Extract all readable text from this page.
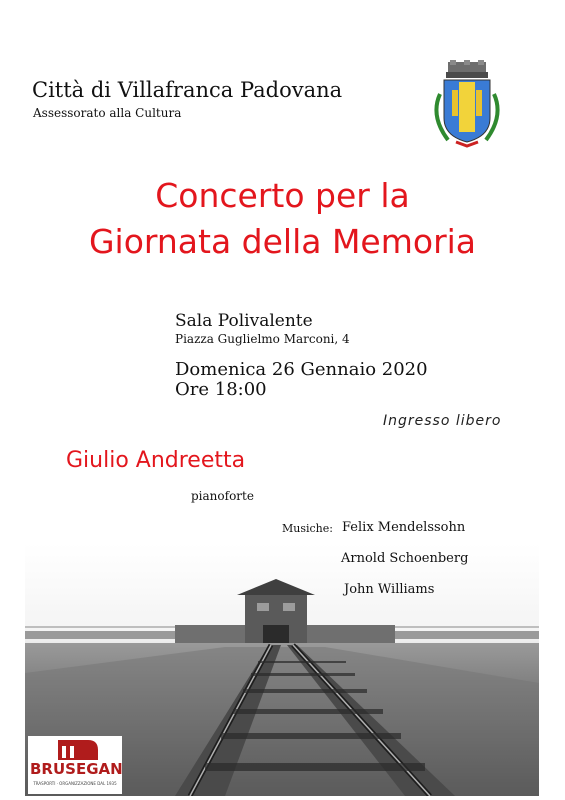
Città di Villafranca Padovana
Assessorato alla Cultura
Concerto per la
Giornata della Memoria
Sala Polivalente
Piazza Guglielmo Marconi, 4
Domenica 26 Gennaio 2020
Ore 18:00
Ingresso libero
Giulio Andreetta
pianoforte
Musiche: Felix Mendelssohn
Arnold Schoenberg
John Williams
BRUSEGAN
TRASPORTI · ORGANIZZAZIONE DAL 1935
